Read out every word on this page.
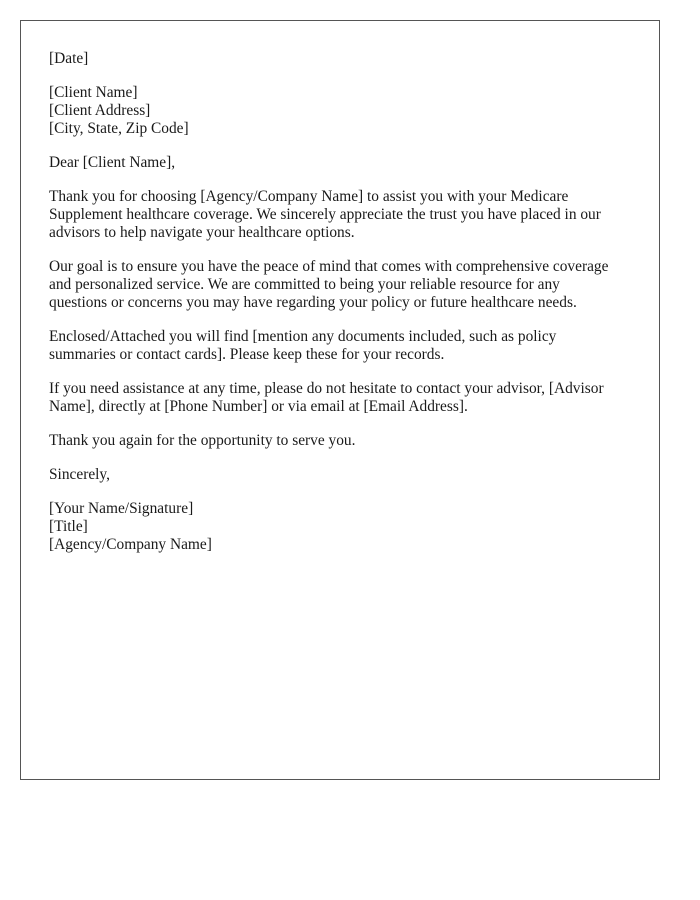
[Date]
[Client Name]
[Client Address]
[City, State, Zip Code]
Dear [Client Name],
Thank you for choosing [Agency/Company Name] to assist you with your Medicare
Supplement healthcare coverage. We sincerely appreciate the trust you have placed in our
advisors to help navigate your healthcare options.
Our goal is to ensure you have the peace of mind that comes with comprehensive coverage
and personalized service. We are committed to being your reliable resource for any
questions or concerns you may have regarding your policy or future healthcare needs.
Enclosed/Attached you will find [mention any documents included, such as policy
summaries or contact cards]. Please keep these for your records.
If you need assistance at any time, please do not hesitate to contact your advisor, [Advisor
Name], directly at [Phone Number] or via email at [Email Address].
Thank you again for the opportunity to serve you.
Sincerely,
[Your Name/Signature]
[Title]
[Agency/Company Name]
